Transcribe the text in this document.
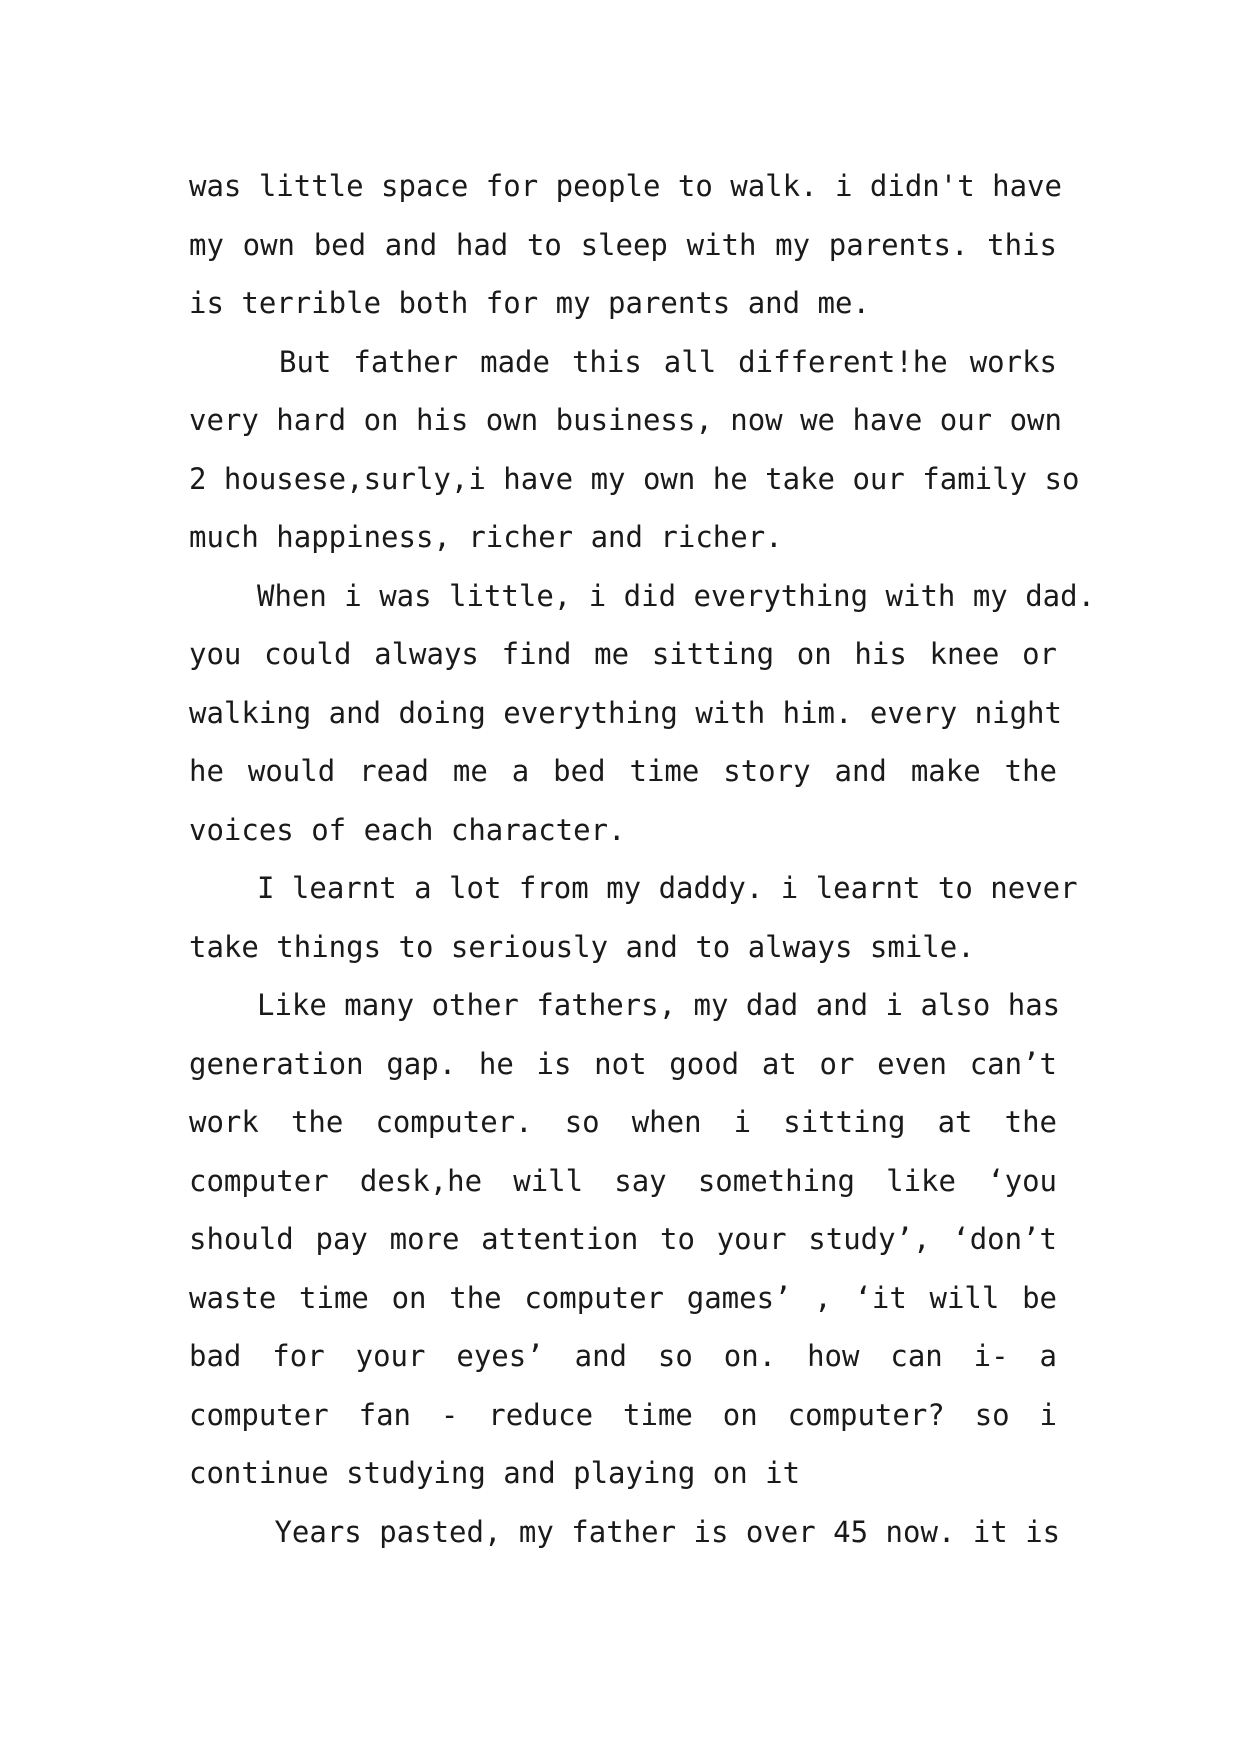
was little space for people to walk. i didn't have
my own bed and had to sleep with my parents. this
is terrible both for my parents and me.
But father made this all different!he works
very hard on his own business, now we have our own
2 housese,surly,i have my own he take our family so
much happiness, richer and richer.
When i was little, i did everything with my dad.
you could always find me sitting on his knee or
walking and doing everything with him. every night
he would read me a bed time story and make the
voices of each character.
I learnt a lot from my daddy. i learnt to never
take things to seriously and to always smile.
Like many other fathers, my dad and i also has
generation gap. he is not good at or even can’t
work the computer. so when i sitting at the
computer desk,he will say something like ‘you
should pay more attention to your study’, ‘don’t
waste time on the computer games’ , ‘it will be
bad for your eyes’ and so on. how can i- a
computer fan - reduce time on computer? so i
continue studying and playing on it
Years pasted, my father is over 45 now. it is
